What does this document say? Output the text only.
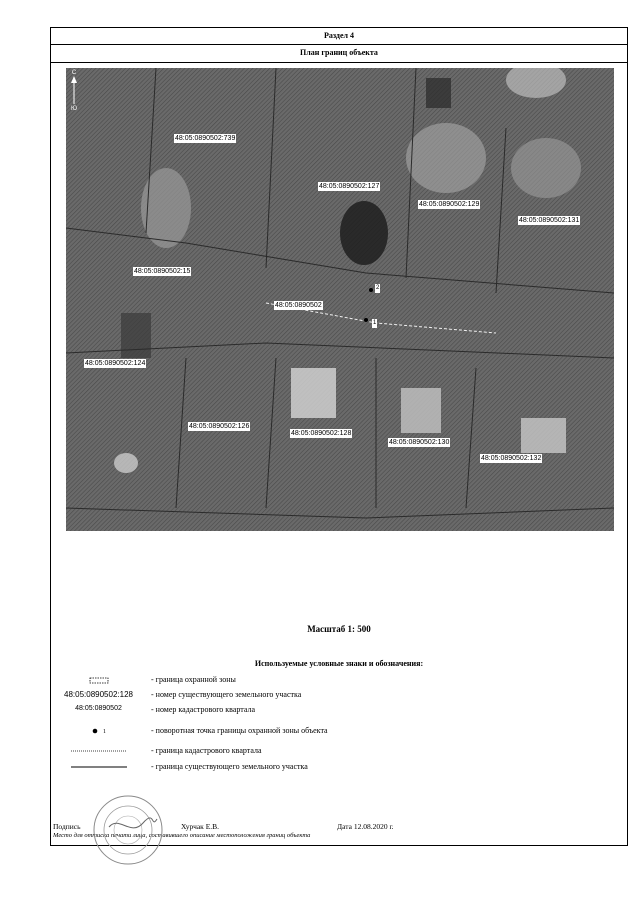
Раздел 4
План границ объекта
С
Ю
48:05:0890502:739
48:05:0890502:127
48:05:0890502:129
48:05:0890502:131
48:05:0890502:15
48:05:0890502
48:05:0890502:124
48:05:0890502:126
48:05:0890502:128
48:05:0890502:130
48:05:0890502:132
2
1
Масштаб 1: 500
Используемые условные знаки и обозначения:
- граница охранной зоны
48:05:0890502:128	- номер существующего земельного участка
48:05:0890502	- номер кадастрового квартала
1	- поворотная точка границы охранной зоны объекта
- граница кадастрового квартала
- граница существующего земельного участка
Подпись	Хурчак Е.В.	Дата 12.08.2020 г.
Место для оттиска печати лица, составившего описание местоположения границ объекта
